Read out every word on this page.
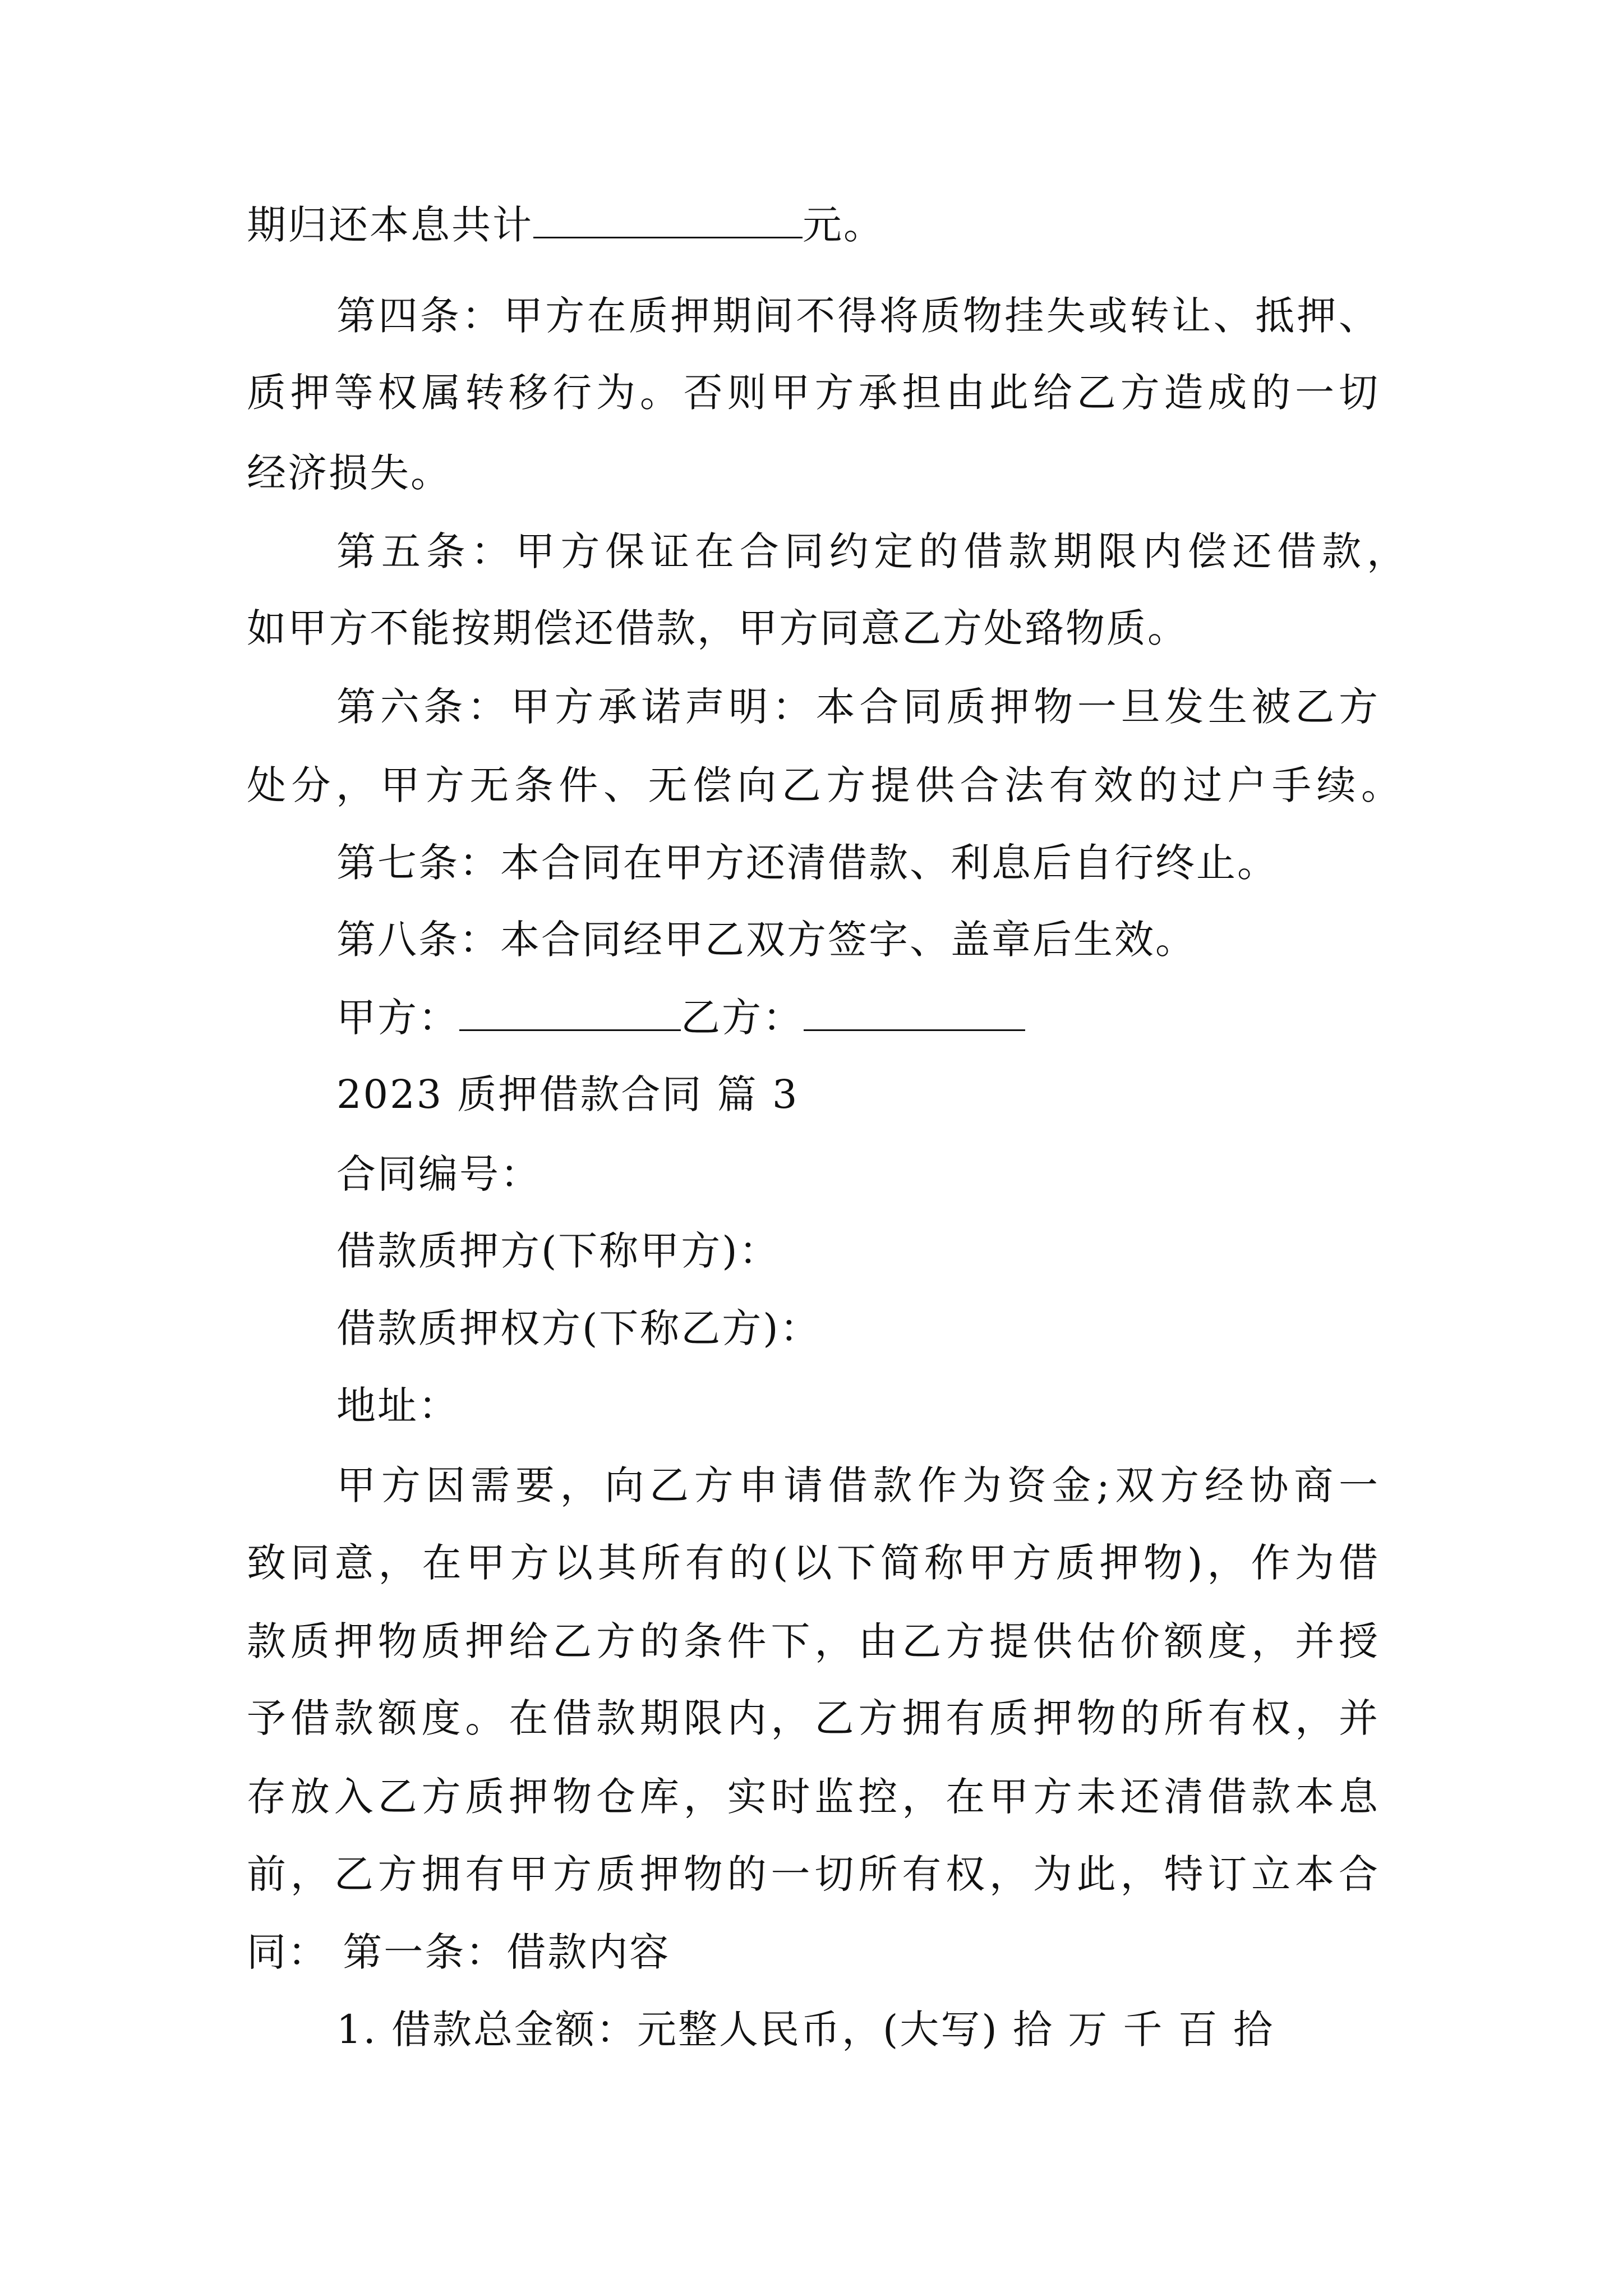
期归还本息共计	元。
第四条：甲方在质押期间不得将质物挂失或转让、抵押、
质押等权属转移行为。否则甲方承担由此给乙方造成的一切
经济损失。
第五条：甲方保证在合同约定的借款期限内偿还借款，
如甲方不能按期偿还借款，甲方同意乙方处臵物质。
第六条：甲方承诺声明：本合同质押物一旦发生被乙方
处分，甲方无条件、无偿向乙方提供合法有效的过户手续。
第七条：本合同在甲方还清借款、利息后自行终止。
第八条：本合同经甲乙双方签字、盖章后生效。
甲方：	乙方：
2023 质押借款合同 篇 3
合同编号：
借款质押方(下称甲方)：
借款质押权方(下称乙方)：
地址：
甲方因需要，向乙方申请借款作为资金;双方经协商一
致同意，在甲方以其所有的(以下简称甲方质押物)，作为借
款质押物质押给乙方的条件下，由乙方提供估价额度，并授
予借款额度。在借款期限内，乙方拥有质押物的所有权，并
存放入乙方质押物仓库，实时监控，在甲方未还清借款本息
前，乙方拥有甲方质押物的一切所有权，为此，特订立本合
同： 第一条：借款内容
1. 借款总金额：元整人民币，(大写) 拾 万 千 百 拾
